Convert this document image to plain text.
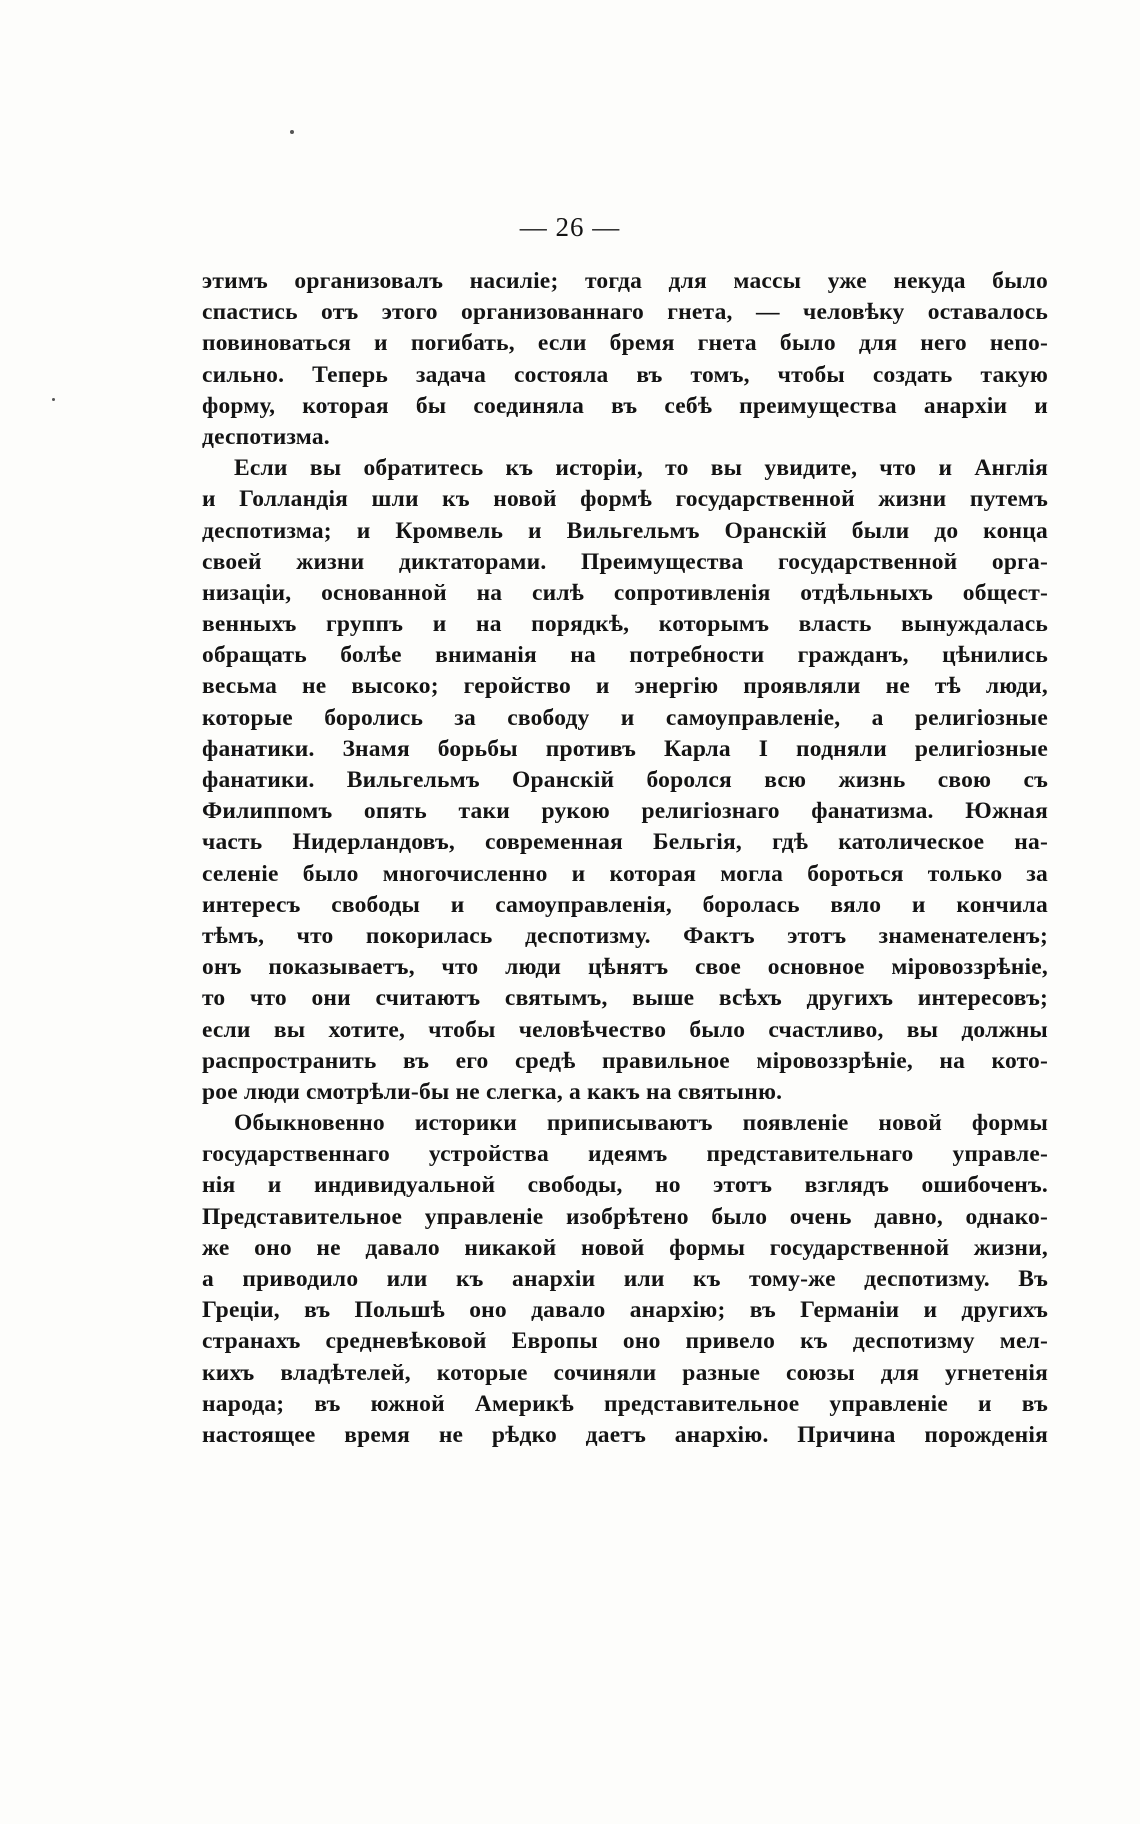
— 26 —
этимъ организовалъ насиліе; тогда для массы уже некуда было
спастись отъ этого организованнаго гнета, — человѣку оставалось
повиноваться и погибать, если бремя гнета было для него непо-
сильно. Теперь задача состояла въ томъ, чтобы создать такую
форму, которая бы соединяла въ себѣ преимущества анархіи и
деспотизма.
Если вы обратитесь къ исторіи, то вы увидите, что и Англія
и Голландія шли къ новой формѣ государственной жизни путемъ
деспотизма; и Кромвель и Вильгельмъ Оранскій были до конца
своей жизни диктаторами. Преимущества государственной орга-
низаціи, основанной на силѣ сопротивленія отдѣльныхъ общест-
венныхъ группъ и на порядкѣ, которымъ власть вынуждалась
обращать болѣе вниманія на потребности гражданъ, цѣнились
весьма не высоко; геройство и энергію проявляли не тѣ люди,
которые боролись за свободу и самоуправленіе, а религіозные
фанатики. Знамя борьбы противъ Карла I подняли религіозные
фанатики. Вильгельмъ Оранскій боролся всю жизнь свою съ
Филиппомъ опять таки рукою религіознаго фанатизма. Южная
часть Нидерландовъ, современная Бельгія, гдѣ католическое на-
селеніе было многочисленно и которая могла бороться только за
интересъ свободы и самоуправленія, боролась вяло и кончила
тѣмъ, что покорилась деспотизму. Фактъ этотъ знаменателенъ;
онъ показываетъ, что люди цѣнятъ свое основное міровоззрѣніе,
то что они считаютъ святымъ, выше всѣхъ другихъ интересовъ;
если вы хотите, чтобы человѣчество было счастливо, вы должны
распространить въ его средѣ правильное міровоззрѣніе, на кото-
рое люди смотрѣли-бы не слегка, а какъ на святыню.
Обыкновенно историки приписываютъ появленіе новой формы
государственнаго устройства идеямъ представительнаго управле-
нія и индивидуальной свободы, но этотъ взглядъ ошибоченъ.
Представительное управленіе изобрѣтено было очень давно, однако-
же оно не давало никакой новой формы государственной жизни,
а приводило или къ анархіи или къ тому-же деспотизму. Въ
Греціи, въ Польшѣ оно давало анархію; въ Германіи и другихъ
странахъ средневѣковой Европы оно привело къ деспотизму мел-
кихъ владѣтелей, которые сочиняли разные союзы для угнетенія
народа; въ южной Америкѣ представительное управленіе и въ
настоящее время не рѣдко даетъ анархію. Причина порожденія
